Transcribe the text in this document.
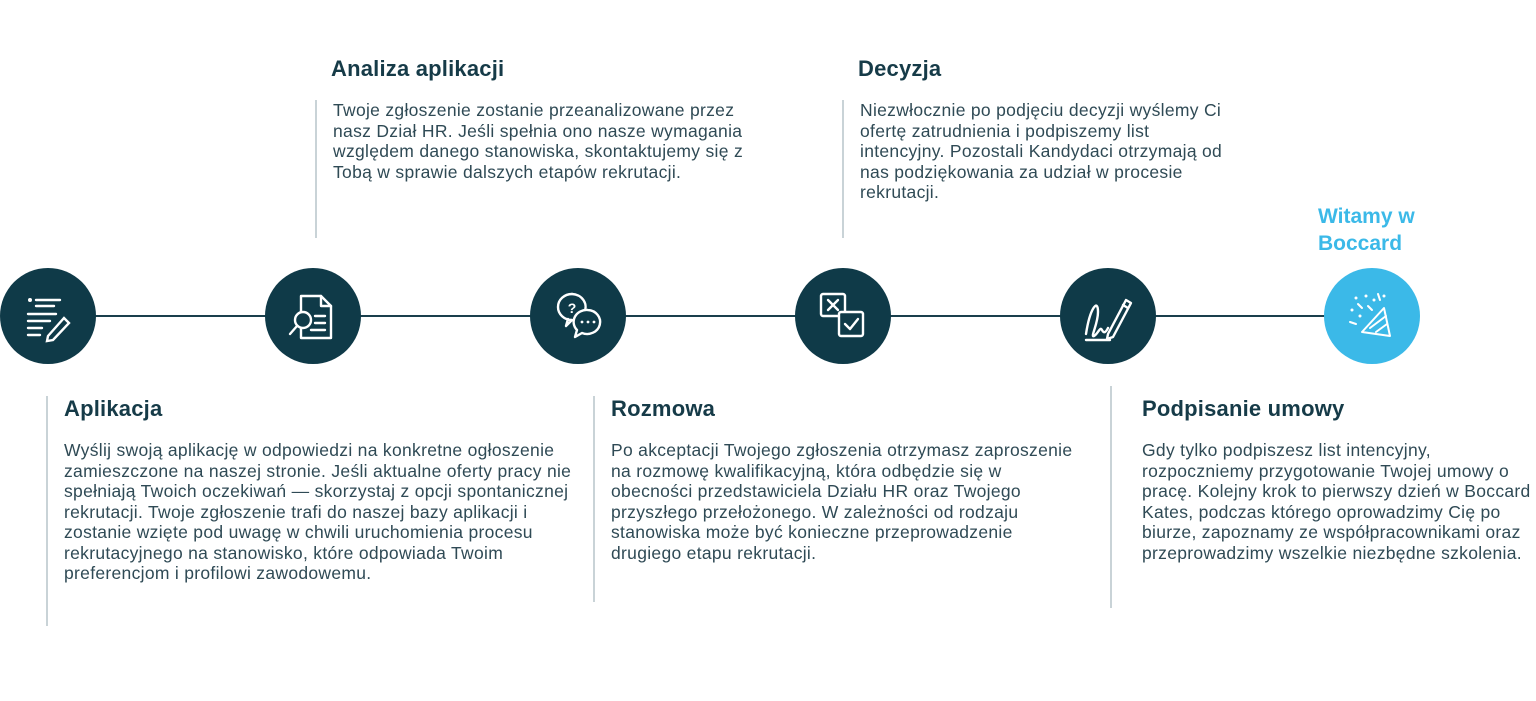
?
Aplikacja

Wyślij swoją aplikację w odpowiedzi na konkretne ogłoszenie zamieszczone na naszej stronie. Jeśli aktualne oferty pracy nie spełniają Twoich oczekiwań — skorzystaj z opcji spontanicznej rekrutacji. Twoje zgłoszenie trafi do naszej bazy aplikacji i zostanie wzięte pod uwagę w chwili uruchomienia procesu rekrutacyjnego na stanowisko, które odpowiada Twoim preferencjom i profilowi zawodowemu.

Analiza aplikacji

Twoje zgłoszenie zostanie przeanalizowane przez nasz Dział HR. Jeśli spełnia ono nasze wymagania względem danego stanowiska, skontaktujemy się z Tobą w sprawie dalszych etapów rekrutacji.

Rozmowa

Po akceptacji Twojego zgłoszenia otrzymasz zaproszenie na rozmowę kwalifikacyjną, która odbędzie się w obecności przedstawiciela Działu HR oraz Twojego przyszłego przełożonego. W zależności od rodzaju stanowiska może być konieczne przeprowadzenie drugiego etapu rekrutacji.

Decyzja

Niezwłocznie po podjęciu decyzji wyślemy Ci ofertę zatrudnienia i podpiszemy list intencyjny. Pozostali Kandydaci otrzymają od nas podziękowania za udział w procesie rekrutacji.

Podpisanie umowy

Gdy tylko podpiszesz list intencyjny, rozpoczniemy przygotowanie Twojej umowy o pracę. Kolejny krok to pierwszy dzień w Boccard Kates, podczas którego oprowadzimy Cię po biurze, zapoznamy ze współpracownikami oraz przeprowadzimy wszelkie niezbędne szkolenia.

Witamy w Boccard
